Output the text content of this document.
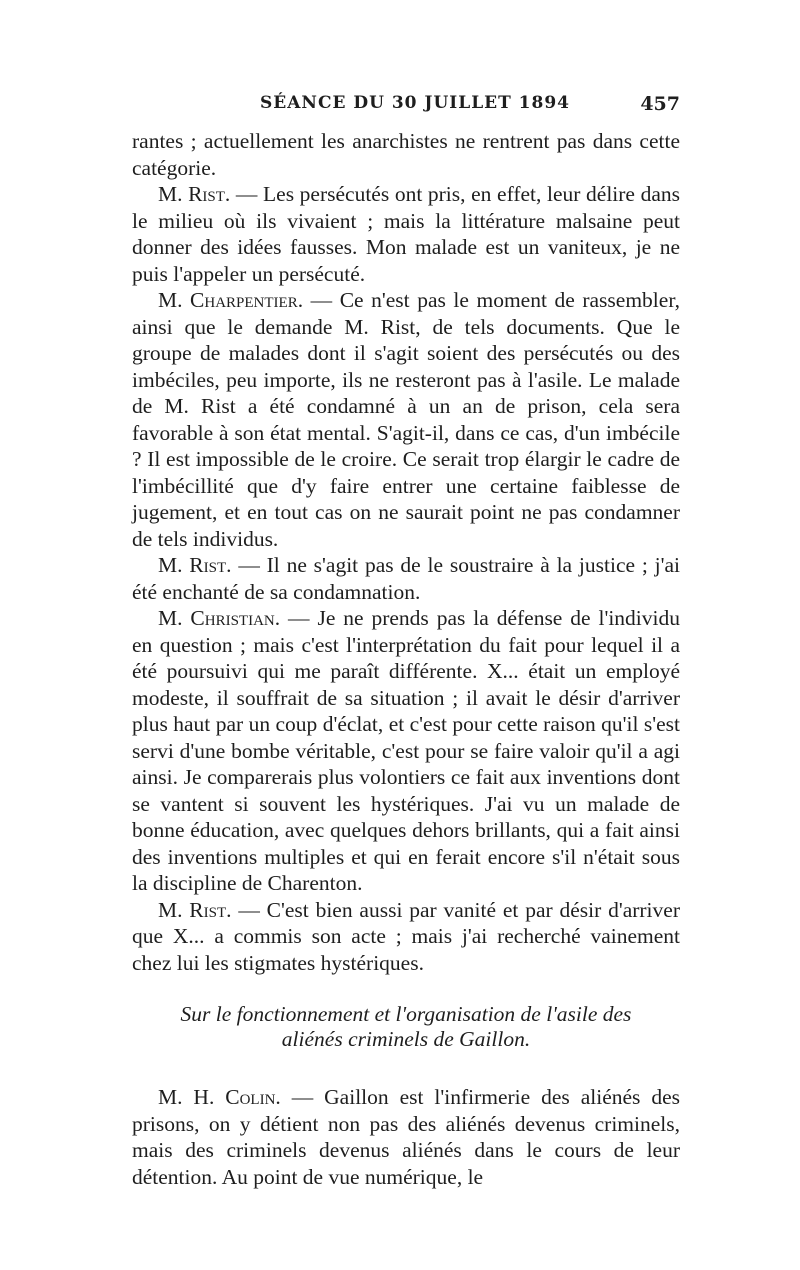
SÉANCE DU 30 JUILLET 1894	457

rantes ; actuellement les anarchistes ne rentrent pas dans cette catégorie.

M. Rist. — Les persécutés ont pris, en effet, leur délire dans le milieu où ils vivaient ; mais la littérature malsaine peut donner des idées fausses. Mon malade est un vaniteux, je ne puis l'appeler un persécuté.

M. Charpentier. — Ce n'est pas le moment de rassembler, ainsi que le demande M. Rist, de tels documents. Que le groupe de malades dont il s'agit soient des persécutés ou des imbéciles, peu importe, ils ne resteront pas à l'asile. Le malade de M. Rist a été condamné à un an de prison, cela sera favorable à son état mental. S'agit-il, dans ce cas, d'un imbécile ? Il est impossible de le croire. Ce serait trop élargir le cadre de l'imbécillité que d'y faire entrer une certaine faiblesse de jugement, et en tout cas on ne saurait point ne pas condamner de tels individus.

M. Rist. — Il ne s'agit pas de le soustraire à la justice ; j'ai été enchanté de sa condamnation.

M. Christian. — Je ne prends pas la défense de l'individu en question ; mais c'est l'interprétation du fait pour lequel il a été poursuivi qui me paraît différente. X... était un employé modeste, il souffrait de sa situation ; il avait le désir d'arriver plus haut par un coup d'éclat, et c'est pour cette raison qu'il s'est servi d'une bombe véritable, c'est pour se faire valoir qu'il a agi ainsi. Je comparerais plus volontiers ce fait aux inventions dont se vantent si souvent les hystériques. J'ai vu un malade de bonne éducation, avec quelques dehors brillants, qui a fait ainsi des inventions multiples et qui en ferait encore s'il n'était sous la discipline de Charenton.

M. Rist. — C'est bien aussi par vanité et par désir d'arriver que X... a commis son acte ; mais j'ai recherché vainement chez lui les stigmates hystériques.

Sur le fonctionnement et l'organisation de l'asile des
aliénés criminels de Gaillon.

M. H. Colin. — Gaillon est l'infirmerie des aliénés des prisons, on y détient non pas des aliénés devenus criminels, mais des criminels devenus aliénés dans le cours de leur détention. Au point de vue numérique, le
